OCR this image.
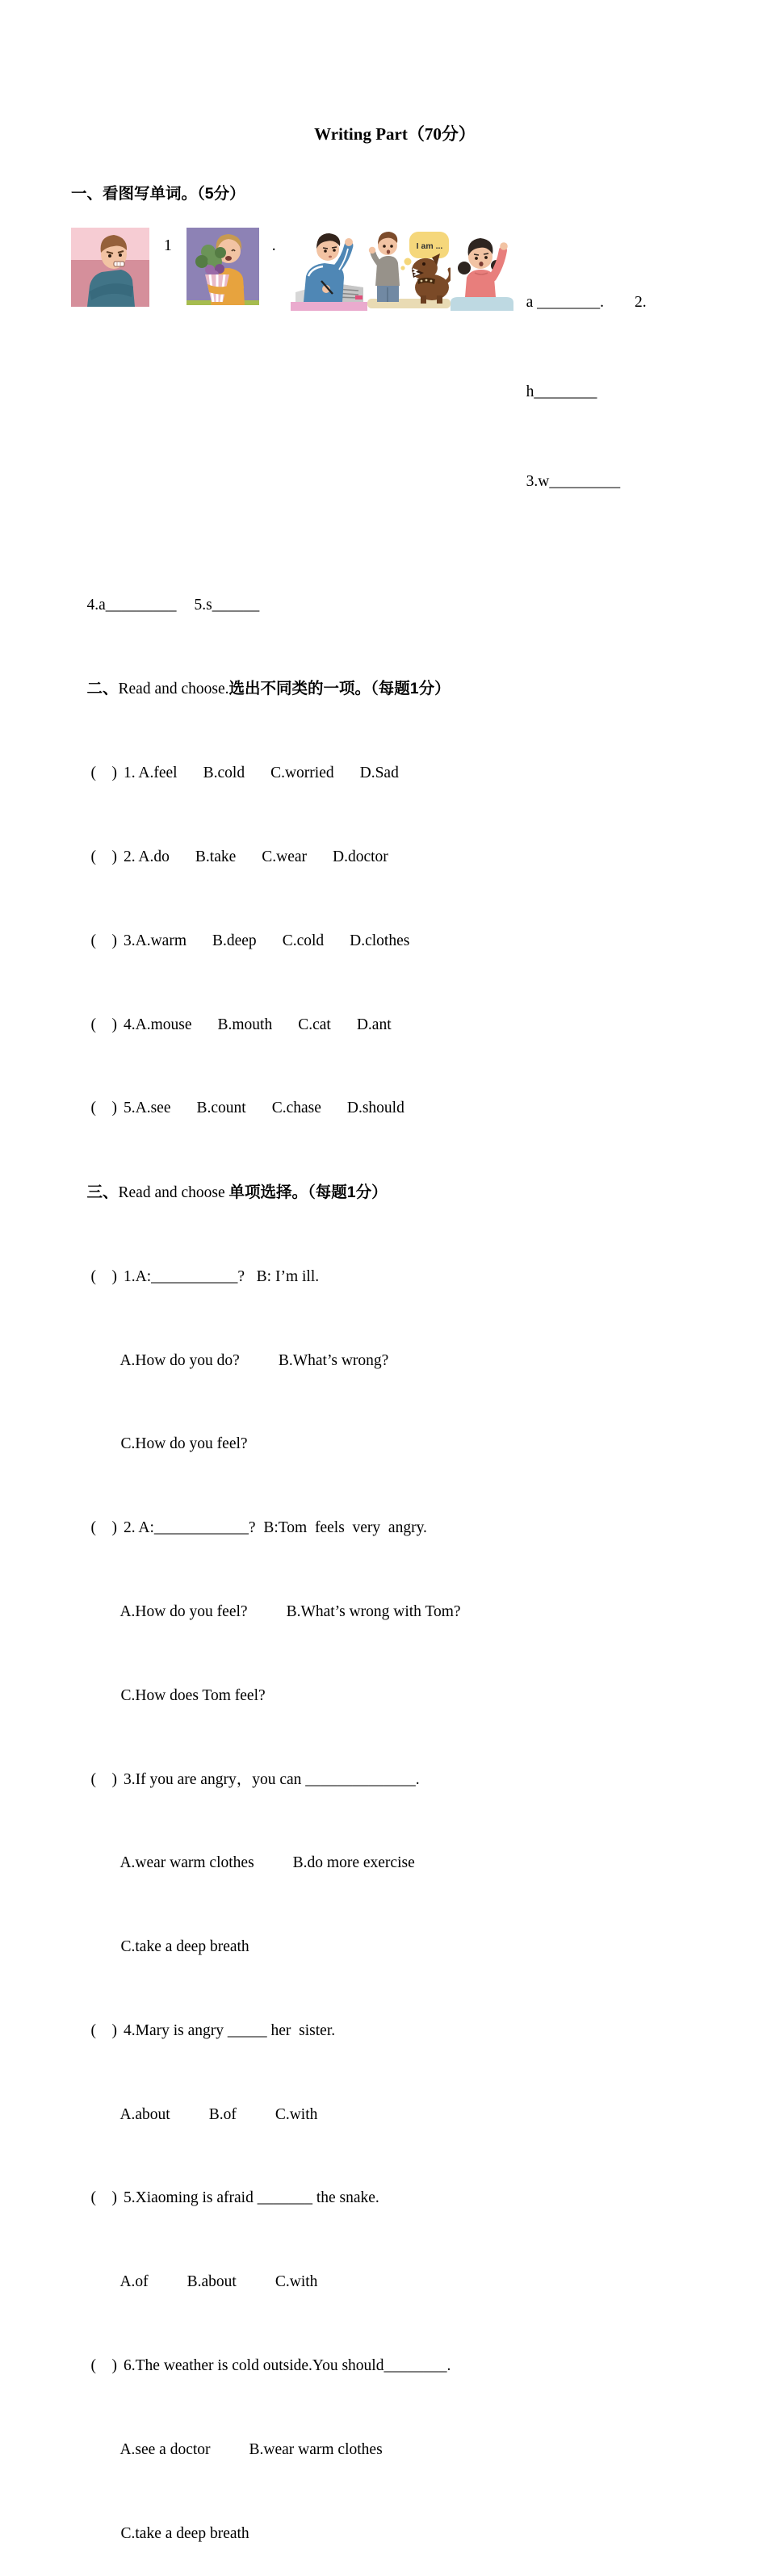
Writing Part（70分）
一、看图写单词。（5分）
1	.	I am ...

a ________. 2.

h________

3.w_________

4.a_________ 5.s______

二、Read and choose.选出不同类的一项。（每题1分）

(    ) 1. A.feel B.cold C.worried D.Sad

(    ) 2. A.do B.take C.wear D.doctor

(    ) 3.A.warm B.deep C.cold D.clothes

(    ) 4.A.mouse B.mouth C.cat D.ant

(    ) 5.A.see B.count C.chase D.should

三、Read and choose 单项选择。（每题1分）

(    ) 1.A:___________?   B: I’m ill.

A.How do you do? B.What’s wrong?

C.How do you feel?

(    ) 2. A:____________?  B:Tom  feels  very  angry.

A.How do you feel? B.What’s wrong with Tom?

C.How does Tom feel?

(    ) 3.If you are angry，you can ______________.

A.wear warm clothes B.do more exercise

C.take a deep breath

(    ) 4.Mary is angry _____ her  sister.

A.about B.of C.with

(    ) 5.Xiaoming is afraid _______ the snake.

A.of B.about C.with

(    ) 6.The weather is cold outside.You should________.

A.see a doctor B.wear warm clothes

C.take a deep breath
